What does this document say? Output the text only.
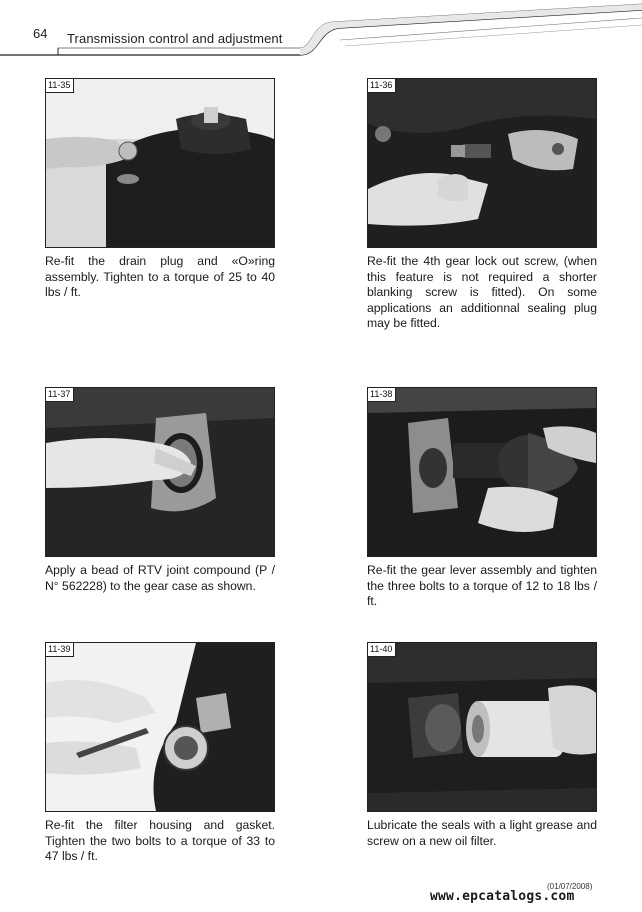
64 Transmission control and adjustment
11-35
Re-fit the drain plug and «O»ring assembly. Tighten to a torque of 25 to 40 lbs / ft.
11-36
Re-fit the 4th gear lock out screw, (when this feature is not required a shorter blanking screw is fitted). On some applications an additionnal sealing plug may be fitted.
11-37
Apply a bead of RTV joint compound (P / N° 562228) to the gear case as shown.
11-38
Re-fit the gear lever assembly and tighten the three bolts to a torque of 12 to 18 lbs / ft.
11-39
Re-fit the filter housing and gasket. Tighten the two bolts to a torque of 33 to 47 lbs / ft.
11-40
Lubricate the seals with a light grease and screw on a new oil filter.
(01/07/2008)
www.epcatalogs.com
